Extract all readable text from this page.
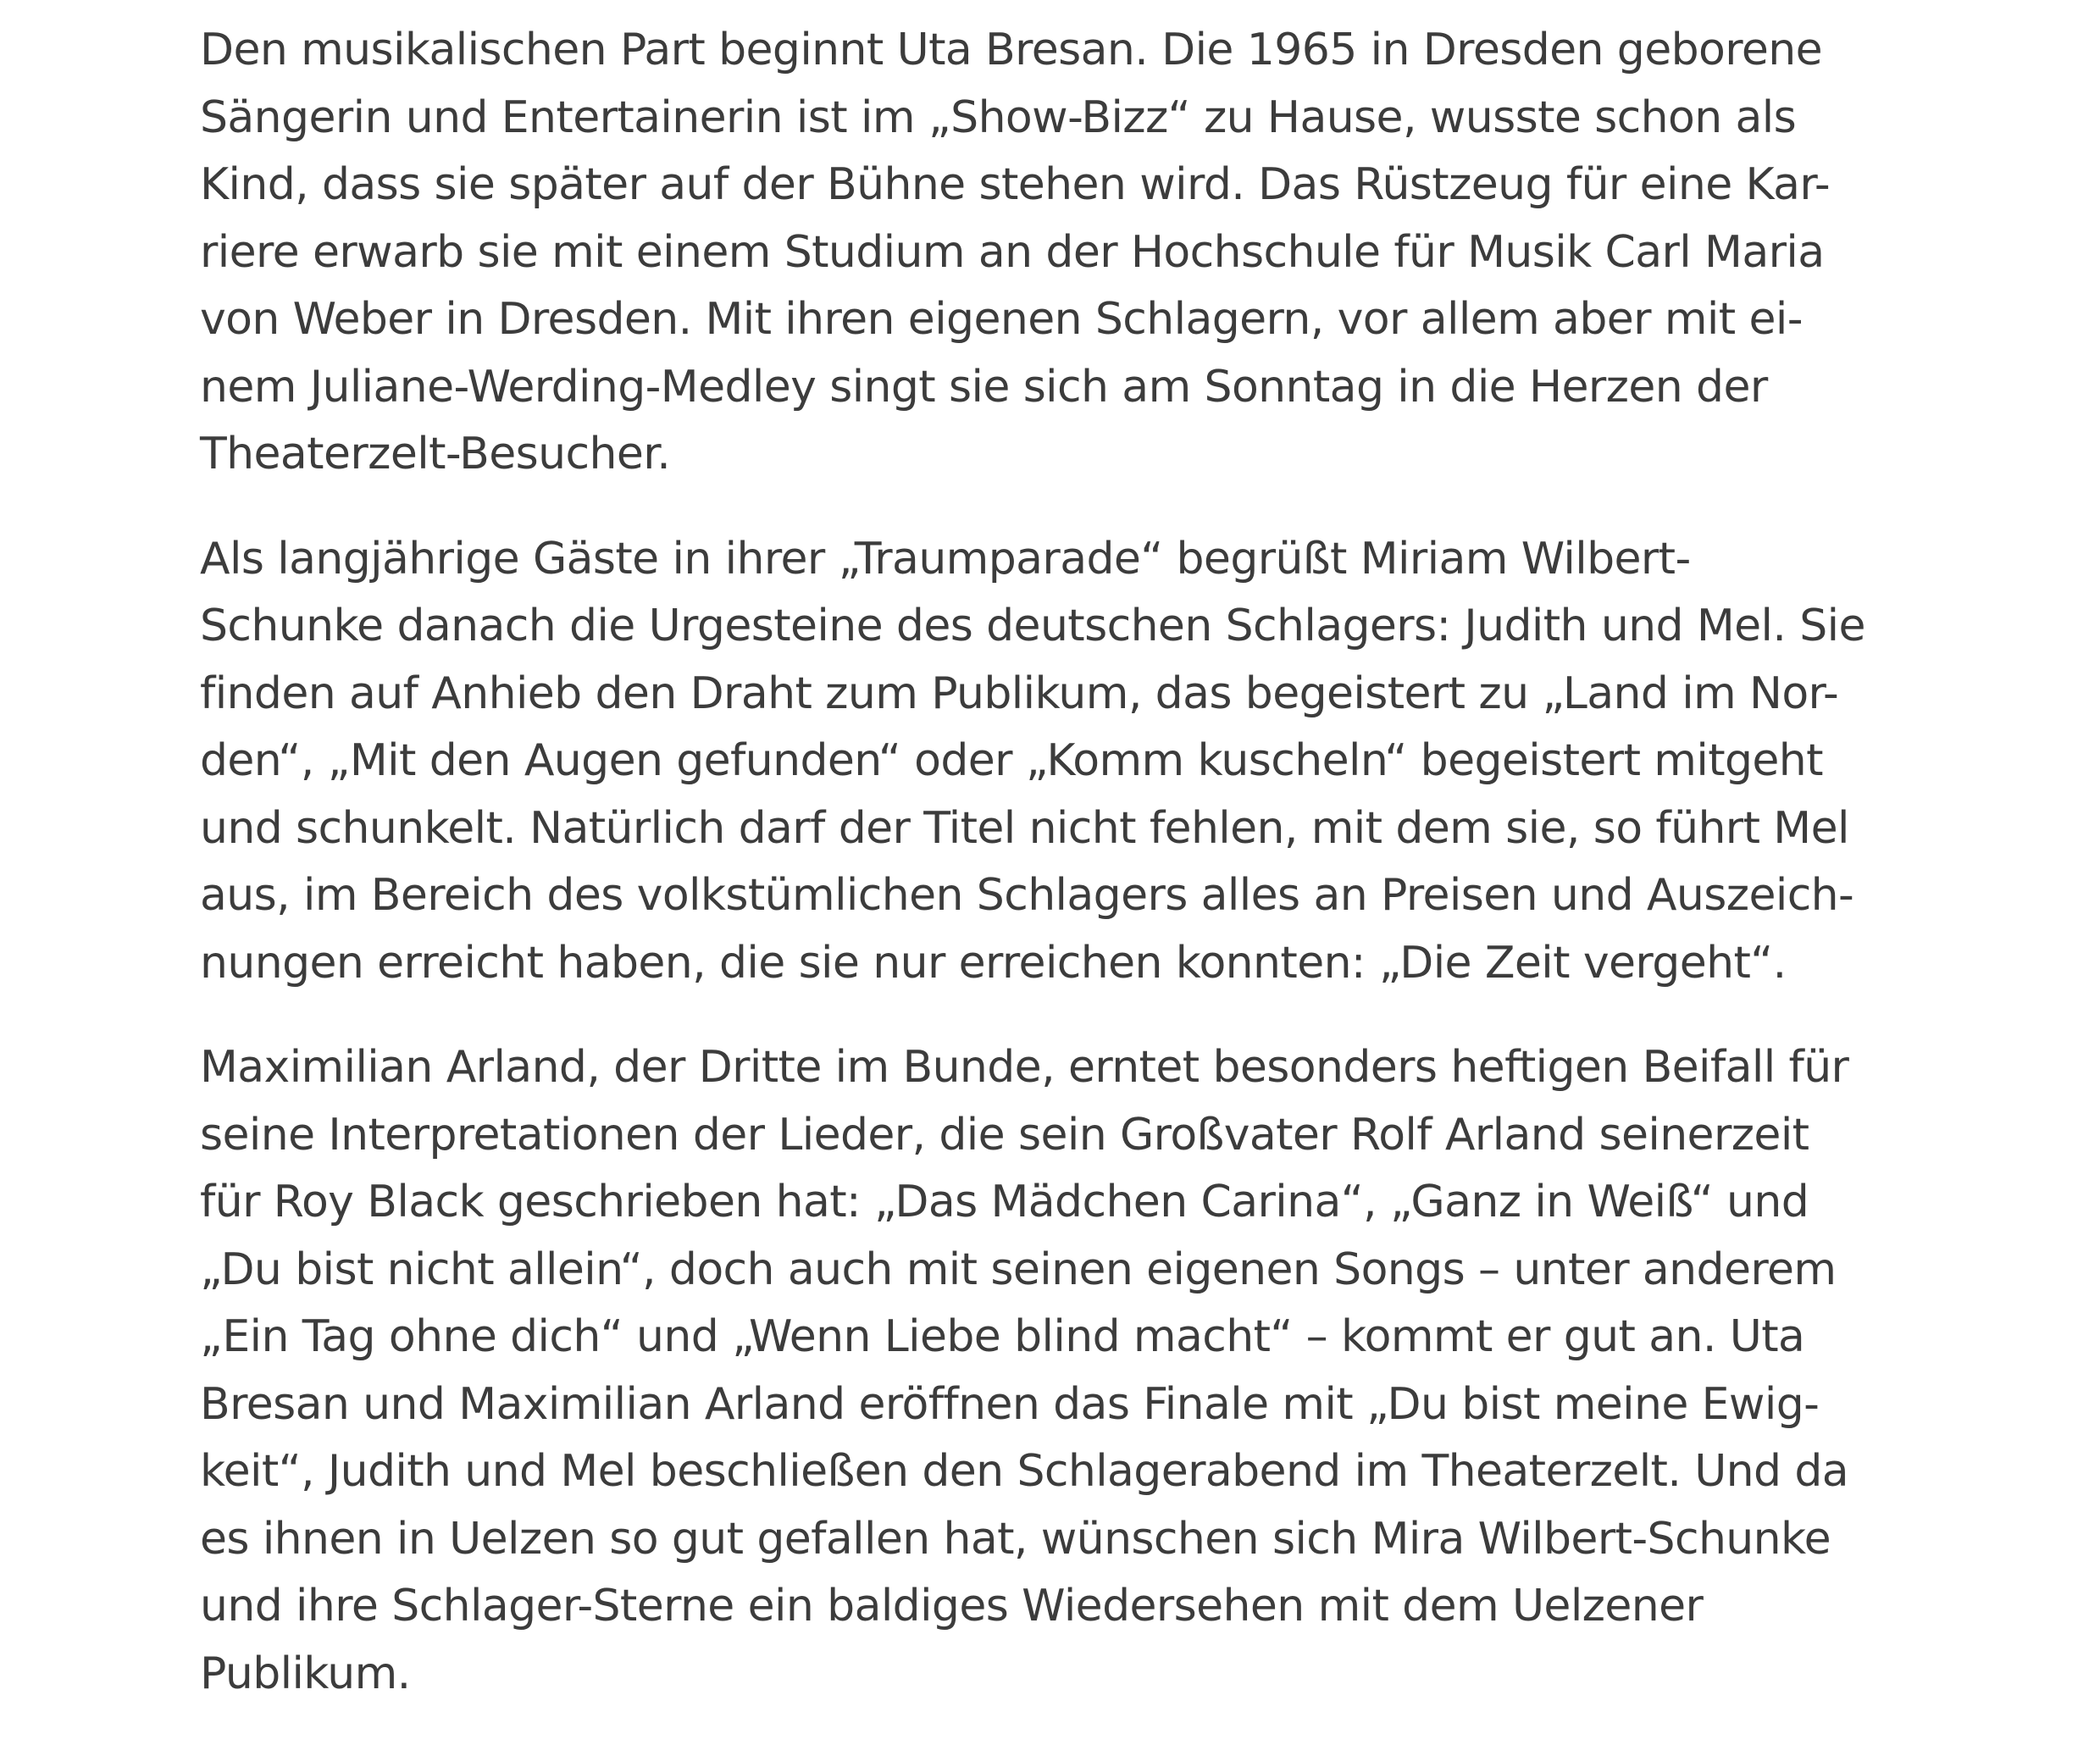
Den musikalischen Part beginnt Uta Bresan. Die 1965 in Dresden geborene
Sängerin und Entertainerin ist im „Show-Bizz“ zu Hause, wusste schon als
Kind, dass sie später auf der Bühne stehen wird. Das Rüstzeug für eine Kar-
riere erwarb sie mit einem Studium an der Hochschule für Musik Carl Maria
von Weber in Dresden. Mit ihren eigenen Schlagern, vor allem aber mit ei-
nem Juliane-Werding-Medley singt sie sich am Sonntag in die Herzen der
Theaterzelt-Besucher.

Als langjährige Gäste in ihrer „Traumparade“ begrüßt Miriam Wilbert-
Schunke danach die Urgesteine des deutschen Schlagers: Judith und Mel. Sie
finden auf Anhieb den Draht zum Publikum, das begeistert zu „Land im Nor-
den“, „Mit den Augen gefunden“ oder „Komm kuscheln“ begeistert mitgeht
und schunkelt. Natürlich darf der Titel nicht fehlen, mit dem sie, so führt Mel
aus, im Bereich des volkstümlichen Schlagers alles an Preisen und Auszeich-
nungen erreicht haben, die sie nur erreichen konnten: „Die Zeit vergeht“.

Maximilian Arland, der Dritte im Bunde, erntet besonders heftigen Beifall für
seine Interpretationen der Lieder, die sein Großvater Rolf Arland seinerzeit
für Roy Black geschrieben hat: „Das Mädchen Carina“, „Ganz in Weiß“ und
„Du bist nicht allein“, doch auch mit seinen eigenen Songs – unter anderem
„Ein Tag ohne dich“ und „Wenn Liebe blind macht“ – kommt er gut an. Uta
Bresan und Maximilian Arland eröffnen das Finale mit „Du bist meine Ewig-
keit“, Judith und Mel beschließen den Schlagerabend im Theaterzelt. Und da
es ihnen in Uelzen so gut gefallen hat, wünschen sich Mira Wilbert-Schunke
und ihre Schlager-Sterne ein baldiges Wiedersehen mit dem Uelzener
Publikum.
